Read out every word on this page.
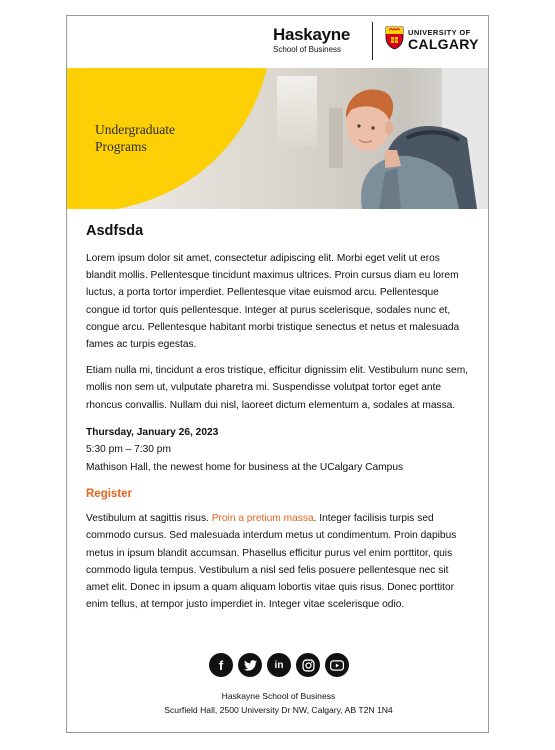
Haskayne
School of Business
UNIVERSITY OF
CALGARY
Undergraduate
Programs
Asdfsda

Lorem ipsum dolor sit amet, consectetur adipiscing elit. Morbi eget velit ut eros blandit mollis. Pellentesque tincidunt maximus ultrices. Proin cursus diam eu lorem luctus, a porta tortor imperdiet. Pellentesque vitae euismod arcu. Pellentesque congue id tortor quis pellentesque. Integer at purus scelerisque, sodales nunc et, congue arcu. Pellentesque habitant morbi tristique senectus et netus et malesuada fames ac turpis egestas.

Etiam nulla mi, tincidunt a eros tristique, efficitur dignissim elit. Vestibulum nunc sem, mollis non sem ut, vulputate pharetra mi. Suspendisse volutpat tortor eget ante rhoncus convallis. Nullam dui nisl, laoreet dictum elementum a, sodales at massa.

Thursday, January 26, 2023
5:30 pm – 7:30 pm
Mathison Hall, the newest home for business at the UCalgary Campus
Register

Vestibulum at sagittis risus. Proin a pretium massa. Integer facilisis turpis sed commodo cursus. Sed malesuada interdum metus ut condimentum. Proin dapibus metus in ipsum blandit accumsan. Phasellus efficitur purus vel enim porttitor, quis commodo ligula tempus. Vestibulum a nisl sed felis posuere pellentesque nec sit amet elit. Donec in ipsum a quam aliquam lobortis vitae quis risus. Donec porttitor enim tellus, at tempor justo imperdiet in. Integer vitae scelerisque odio.

f	in
Haskayne School of Business
Scurfield Hall, 2500 University Dr NW, Calgary, AB T2N 1N4
